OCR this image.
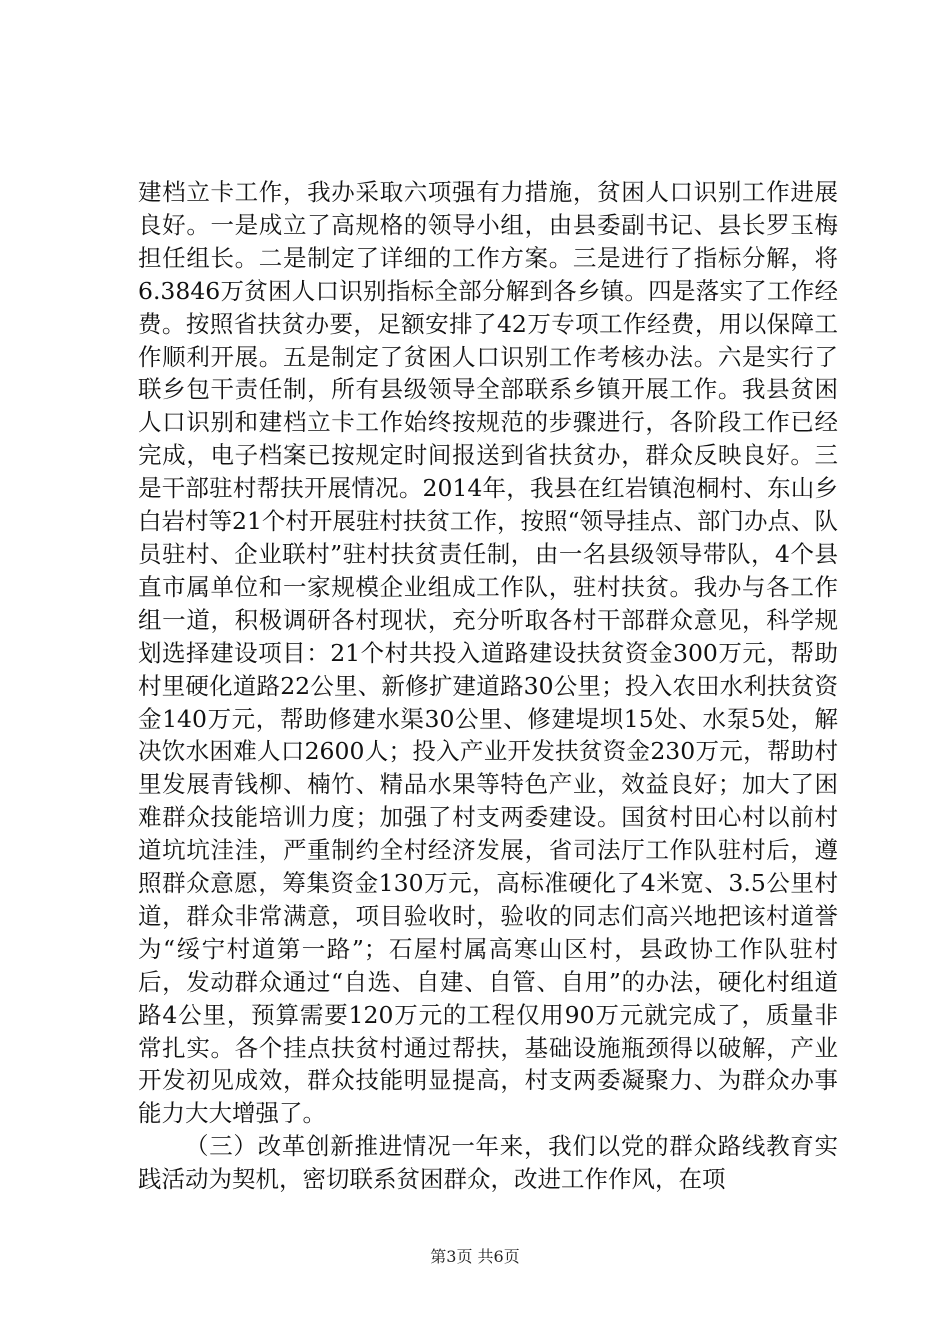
建档立卡工作，我办采取六项强有力措施，贫困人口识别工作进展良好。一是成立了高规格的领导小组，由县委副书记、县长罗玉梅担任组长。二是制定了详细的工作方案。三是进行了指标分解，将6.3846万贫困人口识别指标全部分解到各乡镇。四是落实了工作经费。按照省扶贫办要，足额安排了42万专项工作经费，用以保障工作顺利开展。五是制定了贫困人口识别工作考核办法。六是实行了联乡包干责任制，所有县级领导全部联系乡镇开展工作。我县贫困人口识别和建档立卡工作始终按规范的步骤进行，各阶段工作已经完成，电子档案已按规定时间报送到省扶贫办，群众反映良好。三是干部驻村帮扶开展情况。2014年，我县在红岩镇泡桐村、东山乡白岩村等21个村开展驻村扶贫工作，按照“领导挂点、部门办点、队员驻村、企业联村”驻村扶贫责任制，由一名县级领导带队，4个县直市属单位和一家规模企业组成工作队，驻村扶贫。我办与各工作组一道，积极调研各村现状，充分听取各村干部群众意见，科学规划选择建设项目：21个村共投入道路建设扶贫资金300万元，帮助村里硬化道路22公里、新修扩建道路30公里；投入农田水利扶贫资金140万元，帮助修建水渠30公里、修建堤坝15处、水泵5处，解决饮水困难人口2600人；投入产业开发扶贫资金230万元，帮助村里发展青钱柳、楠竹、精品水果等特色产业，效益良好；加大了困难群众技能培训力度；加强了村支两委建设。国贫村田心村以前村道坑坑洼洼，严重制约全村经济发展，省司法厅工作队驻村后，遵照群众意愿，筹集资金130万元，高标准硬化了4米宽、3.5公里村道，群众非常满意，项目验收时，验收的同志们高兴地把该村道誉为“绥宁村道第一路”；石屋村属高寒山区村，县政协工作队驻村后，发动群众通过“自选、自建、自管、自用”的办法，硬化村组道路4公里，预算需要120万元的工程仅用90万元就完成了，质量非常扎实。各个挂点扶贫村通过帮扶，基础设施瓶颈得以破解，产业开发初见成效，群众技能明显提高，村支两委凝聚力、为群众办事能力大大增强了。

（三）改革创新推进情况一年来，我们以党的群众路线教育实践活动为契机，密切联系贫困群众，改进工作作风，在项

第3页 共6页
